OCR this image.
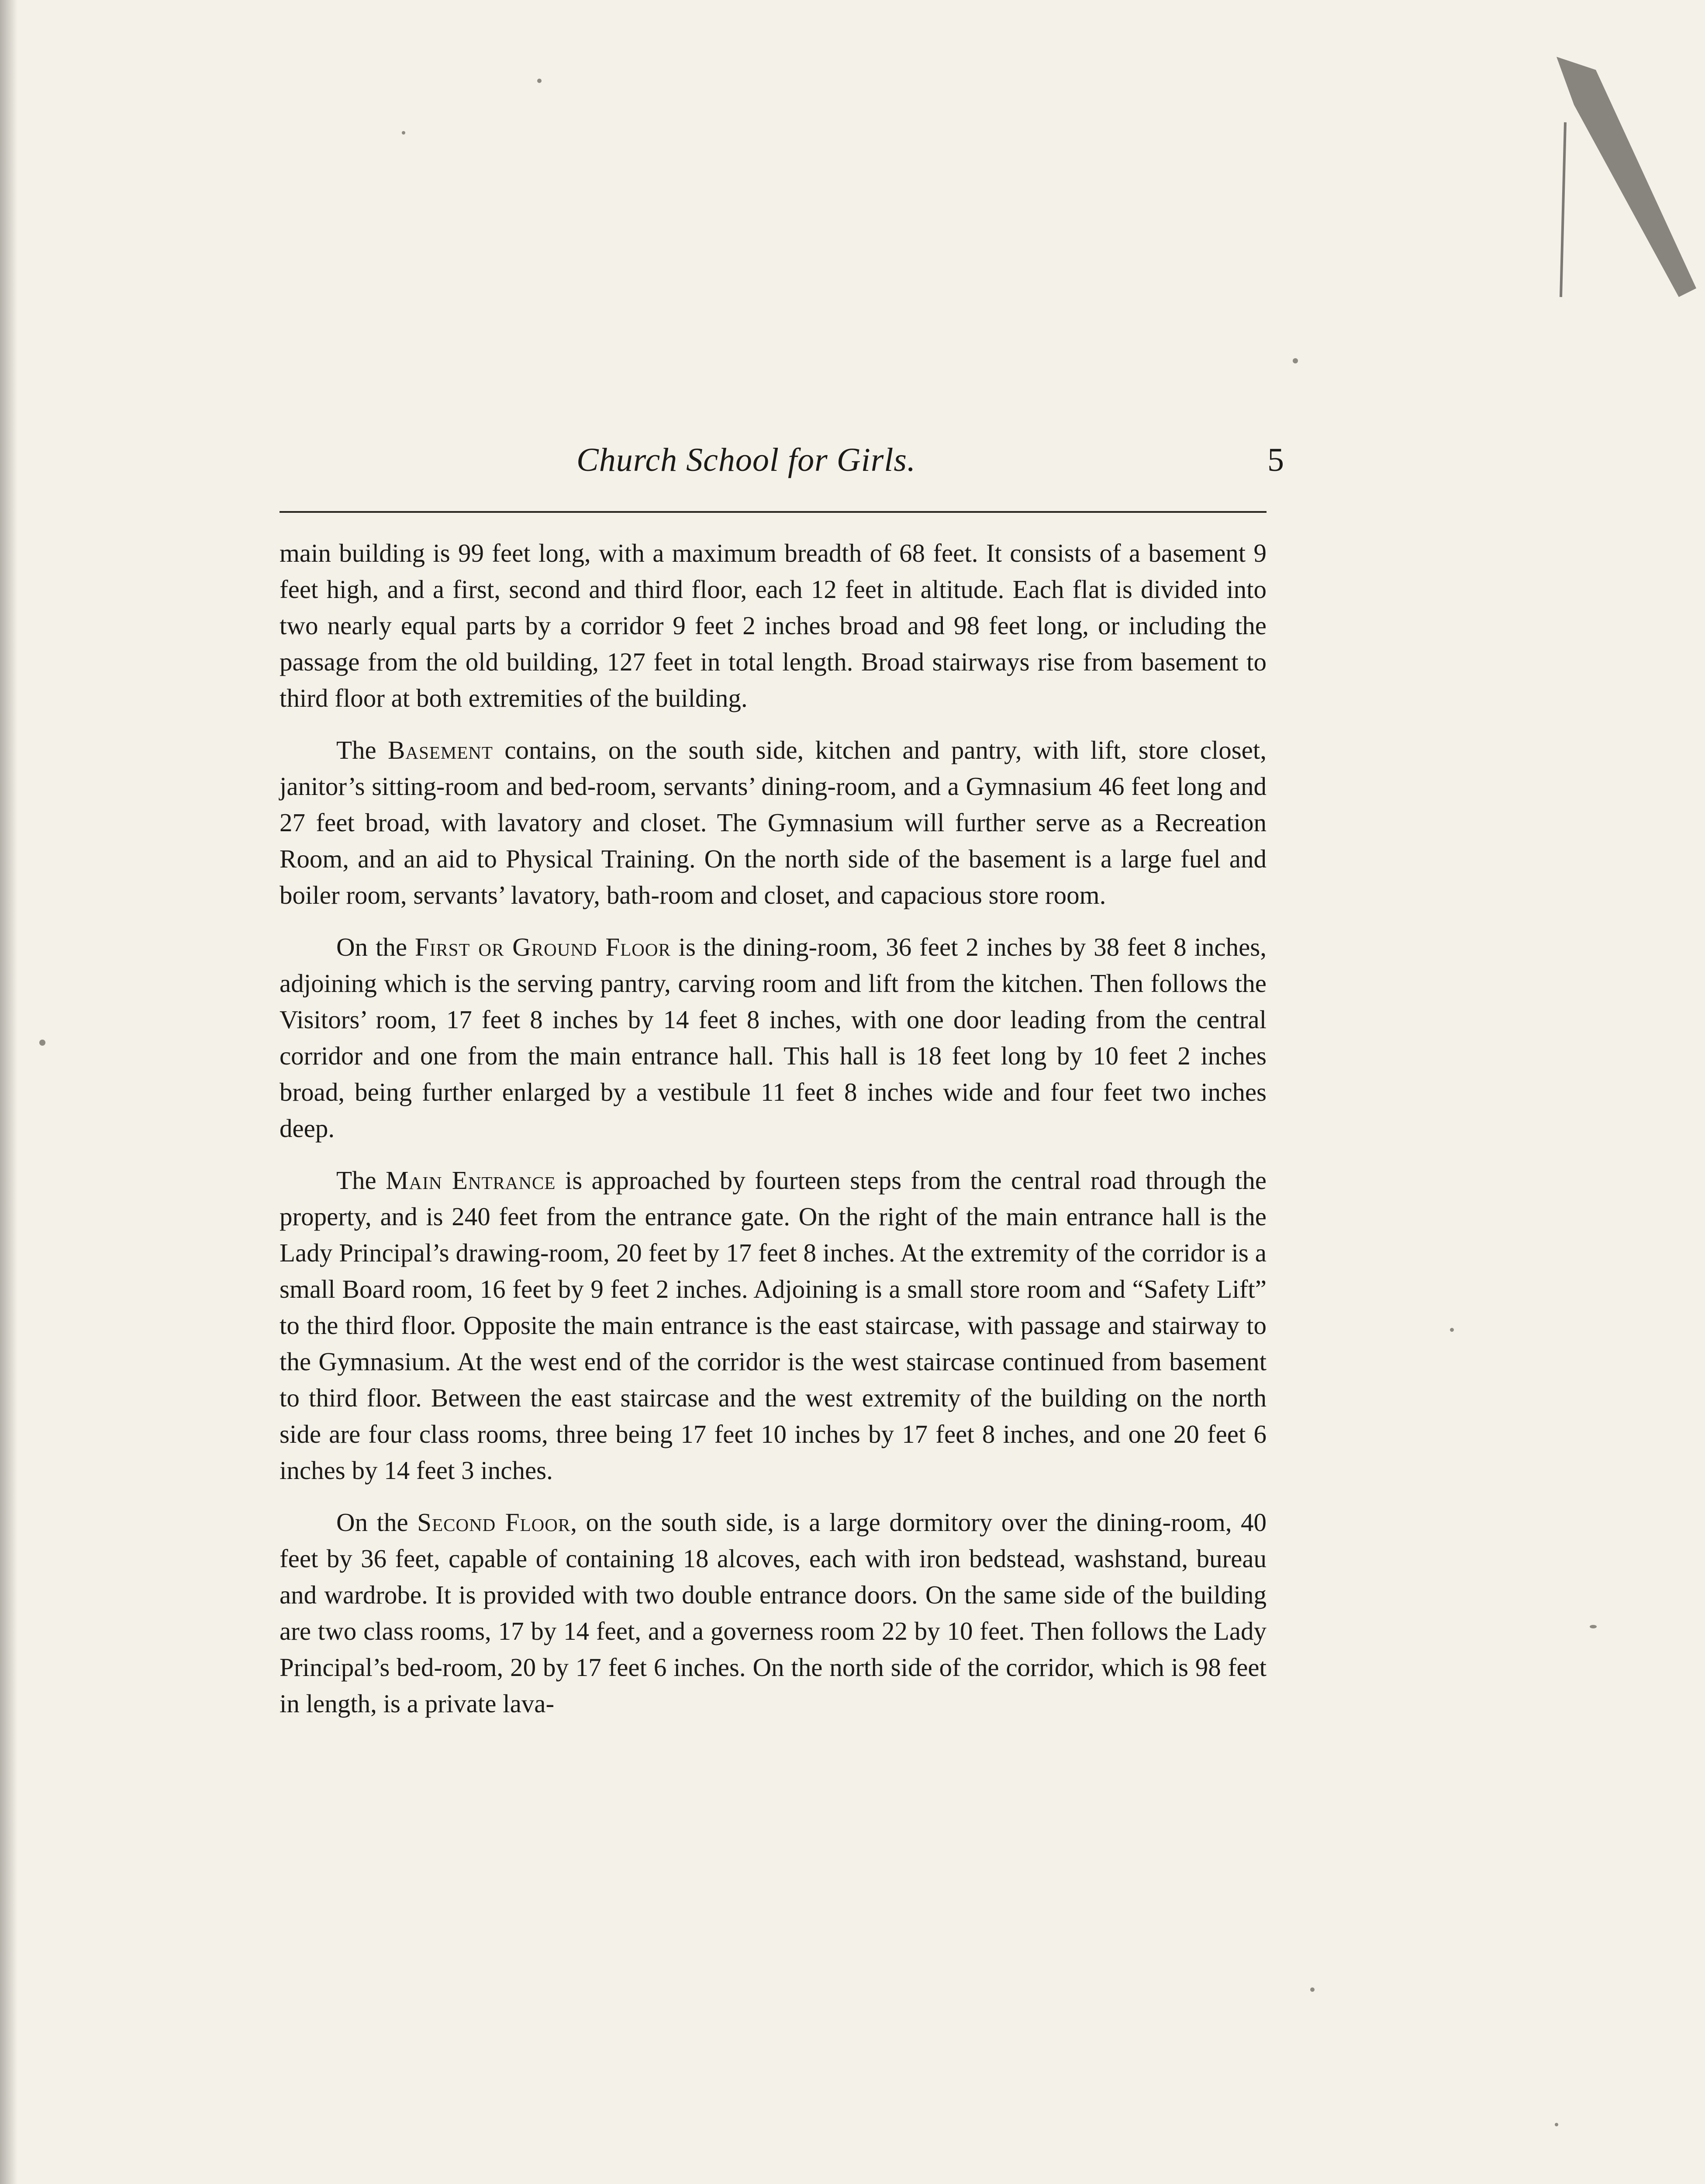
Church School for Girls.	5

main building is 99 feet long, with a maximum breadth of 68 feet. It consists of a basement 9 feet high, and a first, second and third floor, each 12 feet in altitude. Each flat is divided into two nearly equal parts by a corridor 9 feet 2 inches broad and 98 feet long, or including the passage from the old building, 127 feet in total length. Broad stairways rise from basement to third floor at both extremities of the building.

The Basement contains, on the south side, kitchen and pantry, with lift, store closet, janitor’s sitting-room and bed-room, servants’ dining-room, and a Gymnasium 46 feet long and 27 feet broad, with lavatory and closet. The Gymnasium will further serve as a Recreation Room, and an aid to Physical Training. On the north side of the basement is a large fuel and boiler room, servants’ lavatory, bath-room and closet, and capacious store room.

On the First or Ground Floor is the dining-room, 36 feet 2 inches by 38 feet 8 inches, adjoining which is the serving pantry, carving room and lift from the kitchen. Then follows the Visitors’ room, 17 feet 8 inches by 14 feet 8 inches, with one door leading from the central corridor and one from the main entrance hall. This hall is 18 feet long by 10 feet 2 inches broad, being further enlarged by a vestibule 11 feet 8 inches wide and four feet two inches deep.

The Main Entrance is approached by fourteen steps from the central road through the property, and is 240 feet from the entrance gate. On the right of the main entrance hall is the Lady Principal’s drawing-room, 20 feet by 17 feet 8 inches. At the extremity of the corridor is a small Board room, 16 feet by 9 feet 2 inches. Adjoining is a small store room and “Safety Lift” to the third floor. Opposite the main entrance is the east staircase, with passage and stairway to the Gymnasium. At the west end of the corridor is the west staircase continued from basement to third floor. Between the east staircase and the west extremity of the building on the north side are four class rooms, three being 17 feet 10 inches by 17 feet 8 inches, and one 20 feet 6 inches by 14 feet 3 inches.

On the Second Floor, on the south side, is a large dormitory over the dining-room, 40 feet by 36 feet, capable of containing 18 alcoves, each with iron bedstead, washstand, bureau and wardrobe. It is provided with two double entrance doors. On the same side of the building are two class rooms, 17 by 14 feet, and a governess room 22 by 10 feet. Then follows the Lady Principal’s bed-room, 20 by 17 feet 6 inches. On the north side of the corridor, which is 98 feet in length, is a private lava-
